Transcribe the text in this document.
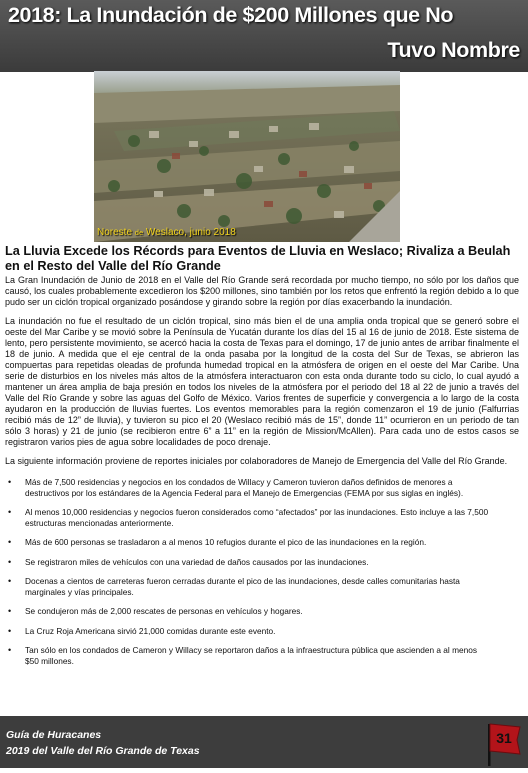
2018: La Inundación de $200 Millones que No
Tuvo Nombre
Noreste de Weslaco, junio 2018
La Lluvia Excede los Récords para Eventos de Lluvia en Weslaco; Rivaliza a Beulah en el Resto del Valle del Río Grande

La Gran Inundación de Junio de 2018 en el Valle del Río Grande será recordada por mucho tiempo, no sólo por los daños que causó, los cuales probablemente excedieron los $200 millones, sino también por los retos que enfrentó la región debido a lo que pudo ser un ciclón tropical organizado posándose y girando sobre la región por días exacerbando la inundación.

La inundación no fue el resultado de un ciclón tropical, sino más bien el de una amplia onda tropical que se generó sobre el oeste del Mar Caribe y se movió sobre la Península de Yucatán durante los días del 15 al 16 de junio de 2018. Este sistema de lento, pero persistente movimiento, se acercó hacia la costa de Texas para el domingo, 17 de junio antes de arribar finalmente el 18 de junio. A medida que el eje central de la onda pasaba por la longitud de la costa del Sur de Texas, se abrieron las compuertas para repetidas oleadas de profunda humedad tropical en la atmósfera de origen en el oeste del Mar Caribe. Una serie de disturbios en los niveles más altos de la atmósfera interactuaron con esta onda durante todo su ciclo, lo cual ayudó a mantener un área amplia de baja presión en todos los niveles de la atmósfera por el periodo del 18 al 22 de junio a través del Valle del Río Grande y sobre las aguas del Golfo de México. Varios frentes de superficie y convergencia a lo largo de la costa ayudaron en la producción de lluvias fuertes. Los eventos memorables para la región comenzaron el 19 de junio (Falfurrias recibió más de 12” de lluvia), y tuvieron su pico el 20 (Weslaco recibió más de 15”, donde 11” ocurrieron en un periodo de tan sólo 3 horas) y 21 de junio (se recibieron entre 6” a 11” en la región de Mission/McAllen). Para cada uno de estos casos se registraron varios pies de agua sobre localidades de poco drenaje.

La siguiente información proviene de reportes iniciales por colaboradores de Manejo de Emergencia del Valle del Río Grande.

• Más de 7,500 residencias y negocios en los condados de Willacy y Cameron tuvieron daños definidos de menores a destructivos por los estándares de la Agencia Federal para el Manejo de Emergencias (FEMA por sus siglas en inglés).
• Al menos 10,000 residencias y negocios fueron considerados como “afectados” por las inundaciones. Esto incluye a las 7,500 estructuras mencionadas anteriormente.
• Más de 600 personas se trasladaron a al menos 10 refugios durante el pico de las inundaciones en la región.
• Se registraron miles de vehículos con una variedad de daños causados por las inundaciones.
• Docenas a cientos de carreteras fueron cerradas durante el pico de las inundaciones, desde calles comunitarias hasta marginales y vías principales.
• Se condujeron más de 2,000 rescates de personas en vehículos y hogares.
• La Cruz Roja Americana sirvió 21,000 comidas durante este evento.
• Tan sólo en los condados de Cameron y Willacy se reportaron daños a la infraestructura pública que ascienden a al menos $50 millones.
Guía de Huracanes
2019 del Valle del Río Grande de Texas
31
